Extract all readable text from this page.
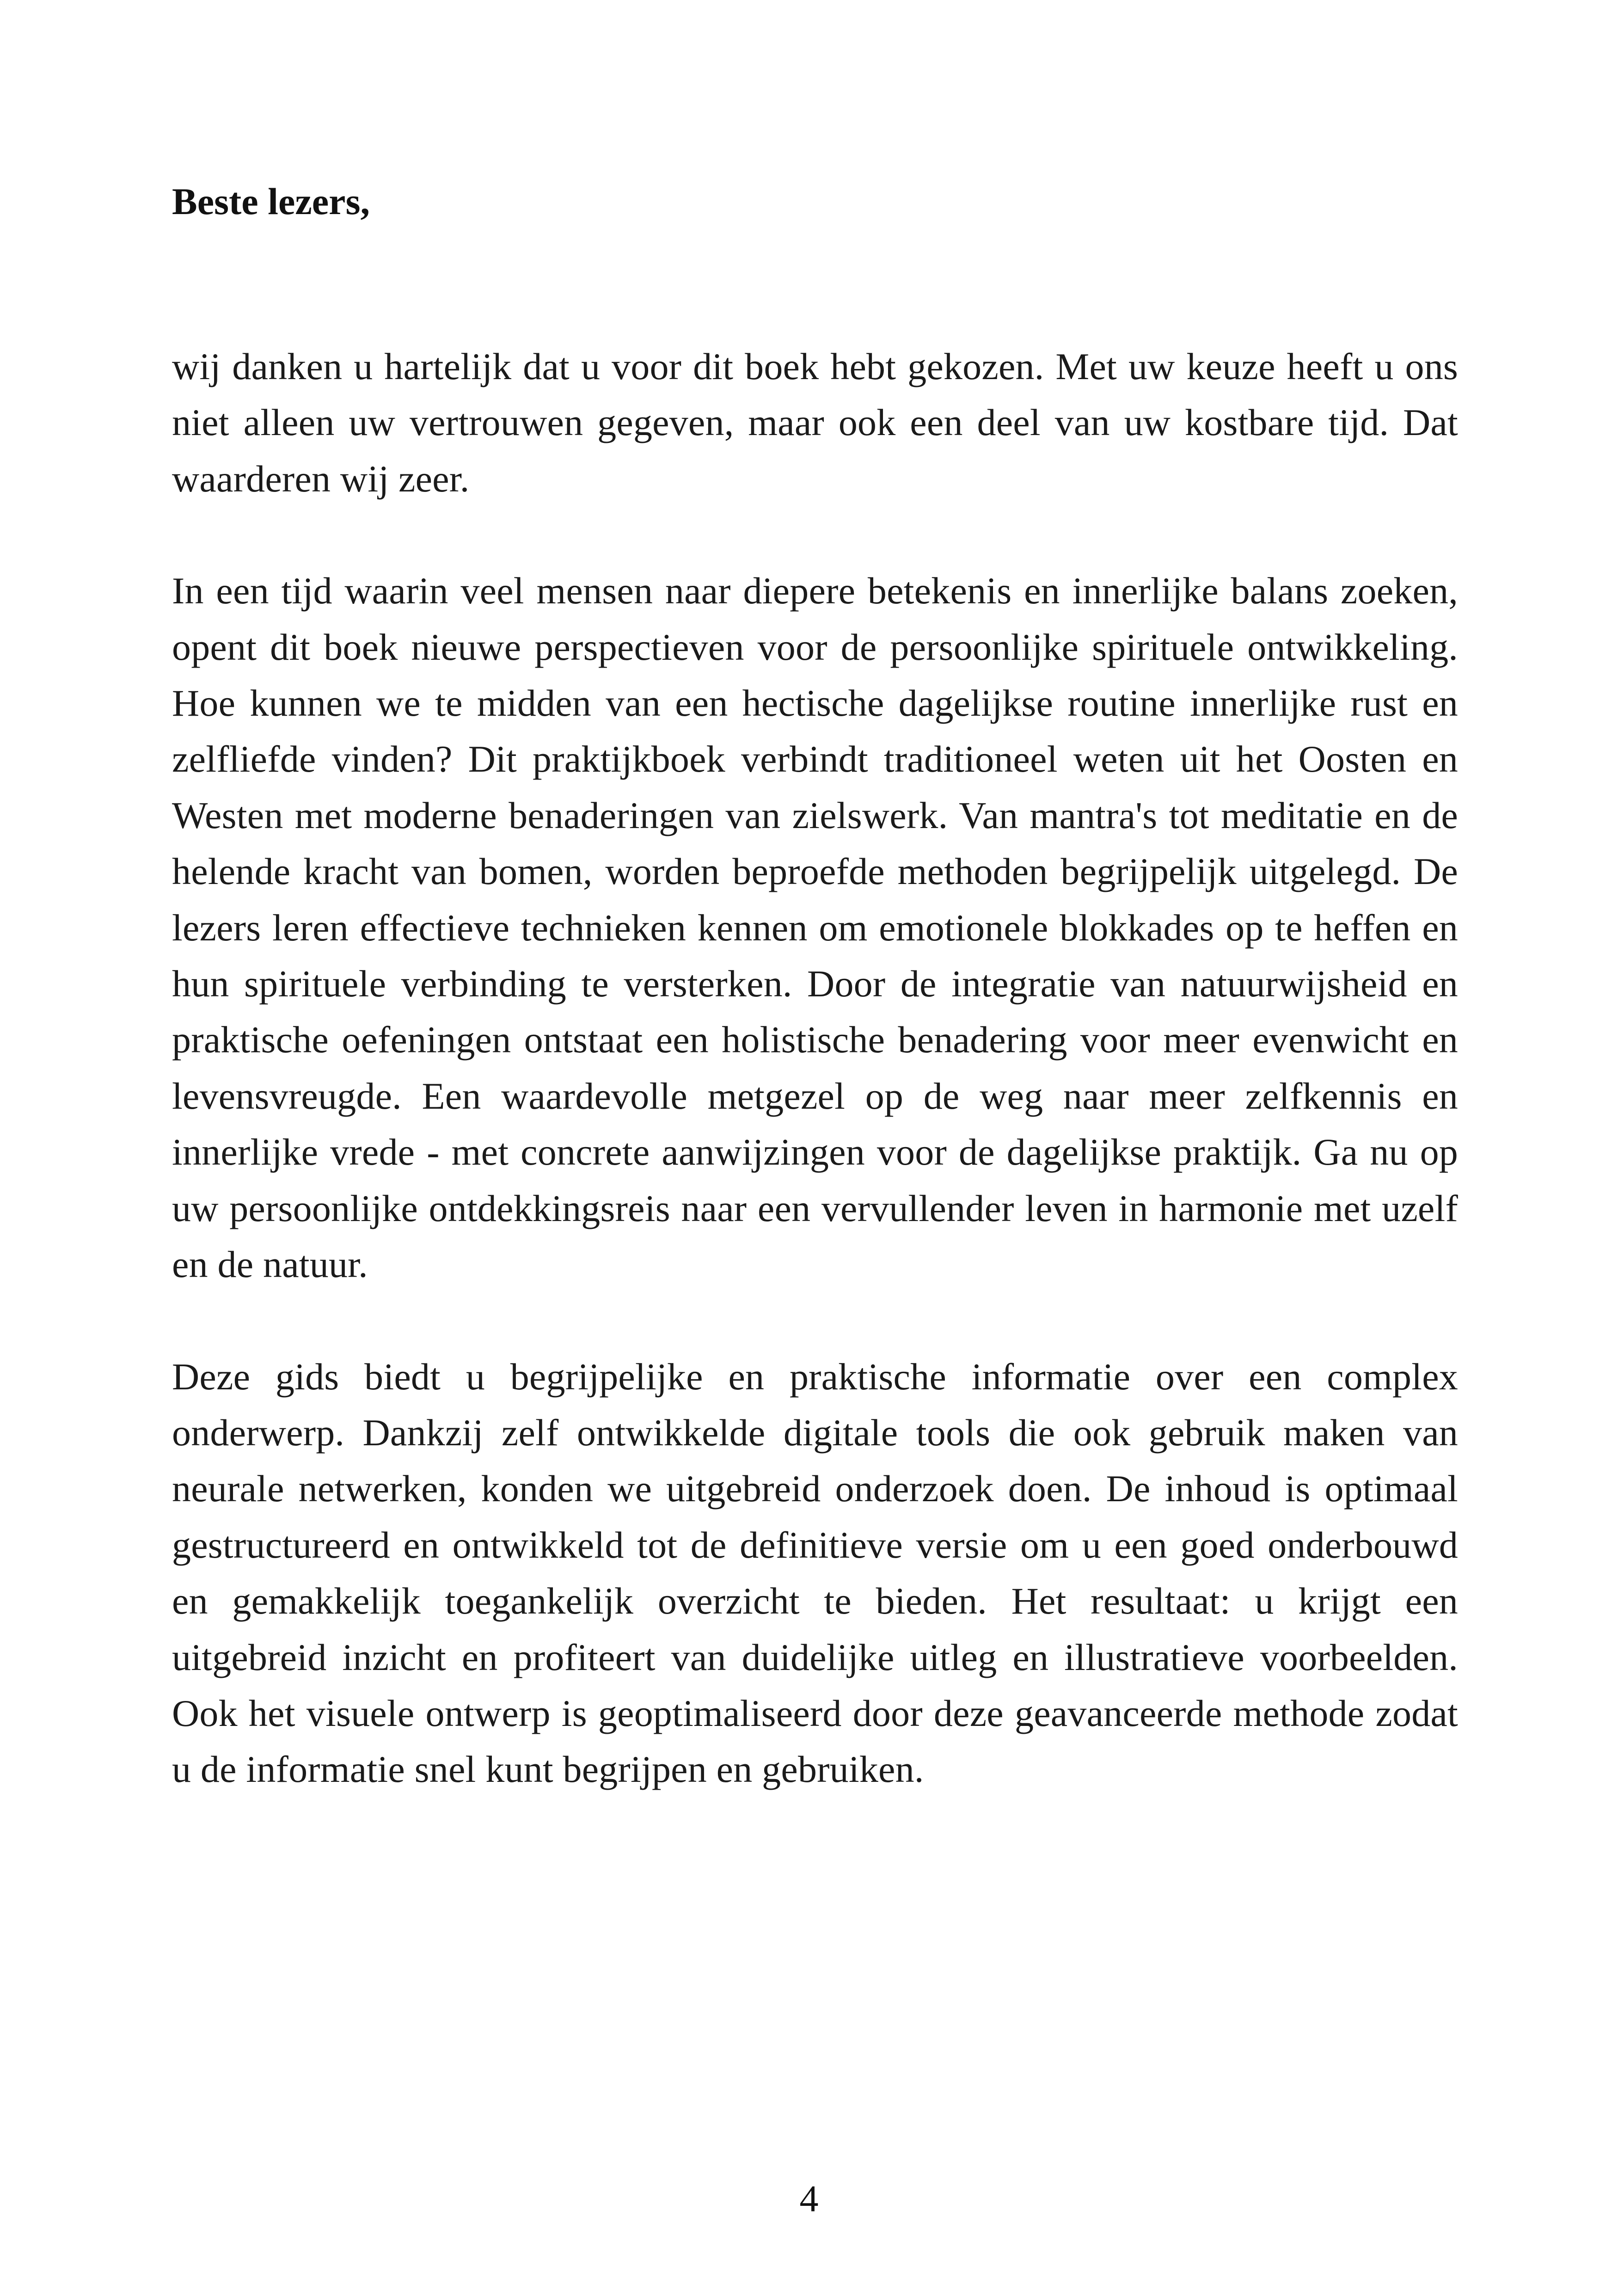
Beste lezers,

wij danken u hartelijk dat u voor dit boek hebt gekozen. Met uw keuze heeft u ons niet alleen uw vertrouwen gegeven, maar ook een deel van uw kostbare tijd. Dat waarderen wij zeer.

In een tijd waarin veel mensen naar diepere betekenis en innerlijke balans zoeken, opent dit boek nieuwe perspectieven voor de persoonlijke spirituele ontwikkeling. Hoe kunnen we te midden van een hectische dagelijkse routine innerlijke rust en zelfliefde vinden? Dit praktijkboek verbindt traditioneel weten uit het Oosten en Westen met moderne benaderingen van zielswerk. Van mantra's tot meditatie en de helende kracht van bomen, worden beproefde methoden begrijpelijk uitgelegd. De lezers leren effectieve technieken kennen om emotionele blokkades op te heffen en hun spirituele verbinding te versterken. Door de integratie van natuurwijsheid en praktische oefeningen ontstaat een holistische benadering voor meer evenwicht en levensvreugde. Een waardevolle metgezel op de weg naar meer zelfkennis en innerlijke vrede - met concrete aanwijzingen voor de dagelijkse praktijk. Ga nu op uw persoonlijke ontdekkingsreis naar een vervullender leven in harmonie met uzelf en de natuur.

Deze gids biedt u begrijpelijke en praktische informatie over een complex onderwerp. Dankzij zelf ontwikkelde digitale tools die ook gebruik maken van neurale netwerken, konden we uitgebreid onderzoek doen. De inhoud is optimaal gestructureerd en ontwikkeld tot de definitieve versie om u een goed onderbouwd en gemakkelijk toegankelijk overzicht te bieden. Het resultaat: u krijgt een uitgebreid inzicht en profiteert van duidelijke uitleg en illustratieve voorbeelden. Ook het visuele ontwerp is geoptimaliseerd door deze geavanceerde methode zodat u de informatie snel kunt begrijpen en gebruiken.

4
